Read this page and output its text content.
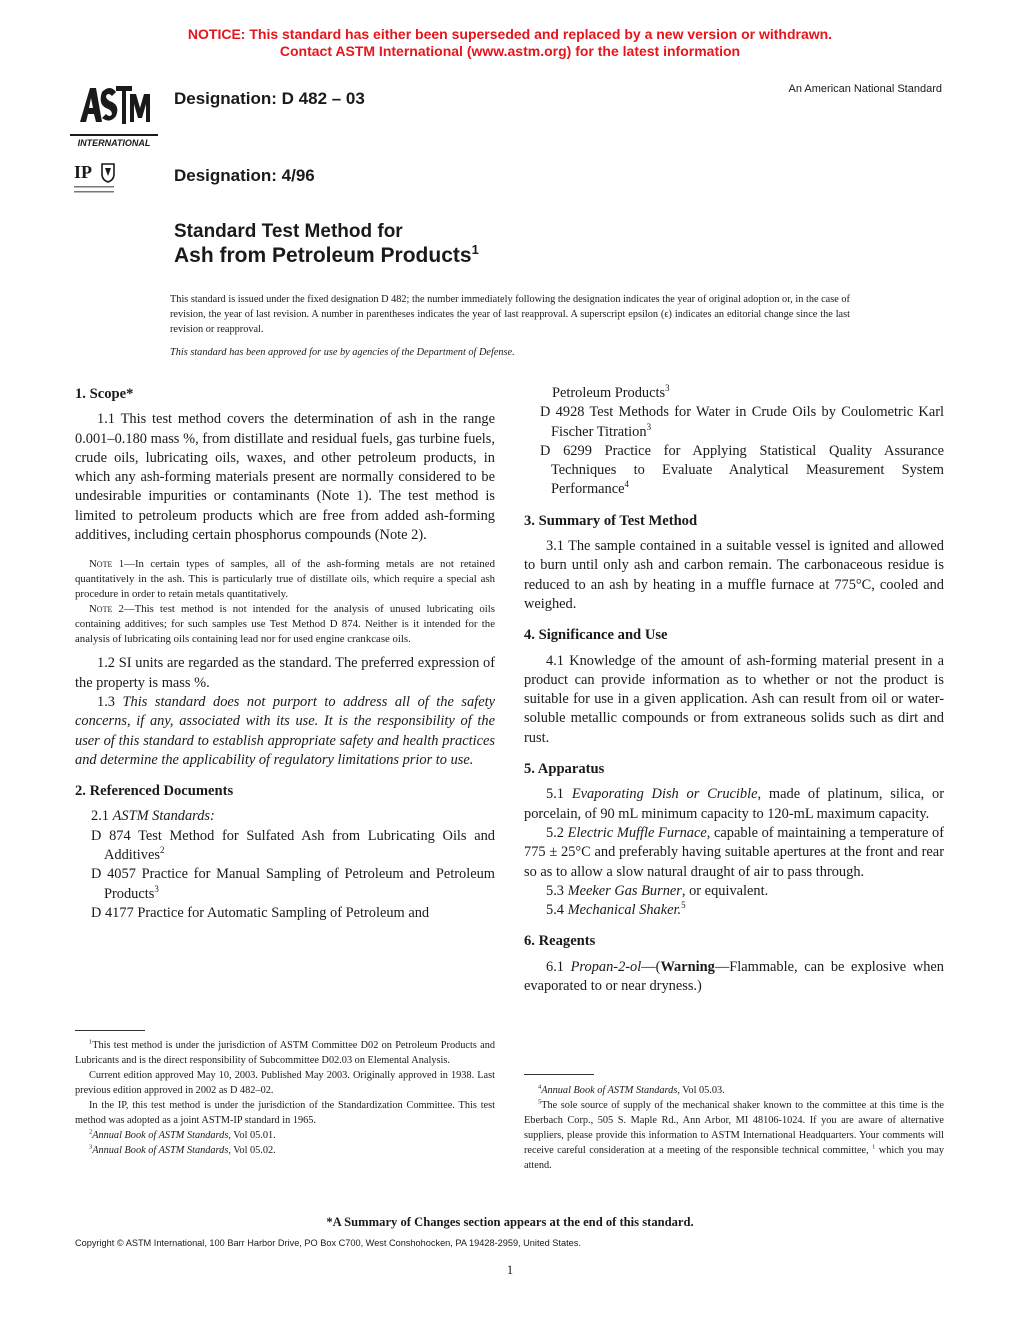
NOTICE: This standard has either been superseded and replaced by a new version or withdrawn.
Contact ASTM International (www.astm.org) for the latest information
INTERNATIONAL
IP
Designation: D 482 – 03
Designation: 4/96
An American National Standard
Standard Test Method for
Ash from Petroleum Products$^1$
This standard is issued under the fixed designation D 482; the number immediately following the designation indicates the year of original adoption or, in the case of revision, the year of last revision. A number in parentheses indicates the year of last reapproval. A superscript epsilon (ϵ) indicates an editorial change since the last revision or reapproval.
This standard has been approved for use by agencies of the Department of Defense.
1. Scope*
1.1 This test method covers the determination of ash in the range 0.001–0.180 mass %, from distillate and residual fuels, gas turbine fuels, crude oils, lubricating oils, waxes, and other petroleum products, in which any ash-forming materials present are normally considered to be undesirable impurities or contaminants (Note 1). The test method is limited to petroleum products which are free from added ash-forming additives, including certain phosphorus compounds (Note 2).
Note 1—In certain types of samples, all of the ash-forming metals are not retained quantitatively in the ash. This is particularly true of distillate oils, which require a special ash procedure in order to retain metals quantitatively.
Note 2—This test method is not intended for the analysis of unused lubricating oils containing additives; for such samples use Test Method D 874. Neither is it intended for the analysis of lubricating oils containing lead nor for used engine crankcase oils.
1.2 SI units are regarded as the standard. The preferred expression of the property is mass %.
1.3 This standard does not purport to address all of the safety concerns, if any, associated with its use. It is the responsibility of the user of this standard to establish appropriate safety and health practices and determine the applicability of regulatory limitations prior to use.
2. Referenced Documents
2.1 ASTM Standards:
D 874 Test Method for Sulfated Ash from Lubricating Oils and Additives$^2$
D 4057 Practice for Manual Sampling of Petroleum and Petroleum Products$^3$
D 4177 Practice for Automatic Sampling of Petroleum and
Petroleum Products$^3$
D 4928 Test Methods for Water in Crude Oils by Coulometric Karl Fischer Titration$^3$
D 6299 Practice for Applying Statistical Quality Assurance Techniques to Evaluate Analytical Measurement System Performance$^4$
3. Summary of Test Method
3.1 The sample contained in a suitable vessel is ignited and allowed to burn until only ash and carbon remain. The carbonaceous residue is reduced to an ash by heating in a muffle furnace at 775°C, cooled and weighed.
4. Significance and Use
4.1 Knowledge of the amount of ash-forming material present in a product can provide information as to whether or not the product is suitable for use in a given application. Ash can result from oil or water-soluble metallic compounds or from extraneous solids such as dirt and rust.
5. Apparatus
5.1 Evaporating Dish or Crucible, made of platinum, silica, or porcelain, of 90 mL minimum capacity to 120-mL maximum capacity.
5.2 Electric Muffle Furnace, capable of maintaining a temperature of 775 ± 25°C and preferably having suitable apertures at the front and rear so as to allow a slow natural draught of air to pass through.
5.3 Meeker Gas Burner, or equivalent.
5.4 Mechanical Shaker.$^5$
6. Reagents
6.1 Propan-2-ol—(Warning—Flammable, can be explosive when evaporated to or near dryness.)
$^1$This test method is under the jurisdiction of ASTM Committee D02 on Petroleum Products and Lubricants and is the direct responsibility of Subcommittee D02.03 on Elemental Analysis.
Current edition approved May 10, 2003. Published May 2003. Originally approved in 1938. Last previous edition approved in 2002 as D 482–02.
In the IP, this test method is under the jurisdiction of the Standardization Committee. This test method was adopted as a joint ASTM-IP standard in 1965.
$^2$Annual Book of ASTM Standards, Vol 05.01.
$^3$Annual Book of ASTM Standards, Vol 05.02.
$^4$Annual Book of ASTM Standards, Vol 05.03.
$^5$The sole source of supply of the mechanical shaker known to the committee at this time is the Eberbach Corp., 505 S. Maple Rd., Ann Arbor, MI 48106-1024. If you are aware of alternative suppliers, please provide this information to ASTM International Headquarters. Your comments will receive careful consideration at a meeting of the responsible technical committee, $^1$ which you may attend.
*A Summary of Changes section appears at the end of this standard.
Copyright © ASTM International, 100 Barr Harbor Drive, PO Box C700, West Conshohocken, PA 19428-2959, United States.
1
